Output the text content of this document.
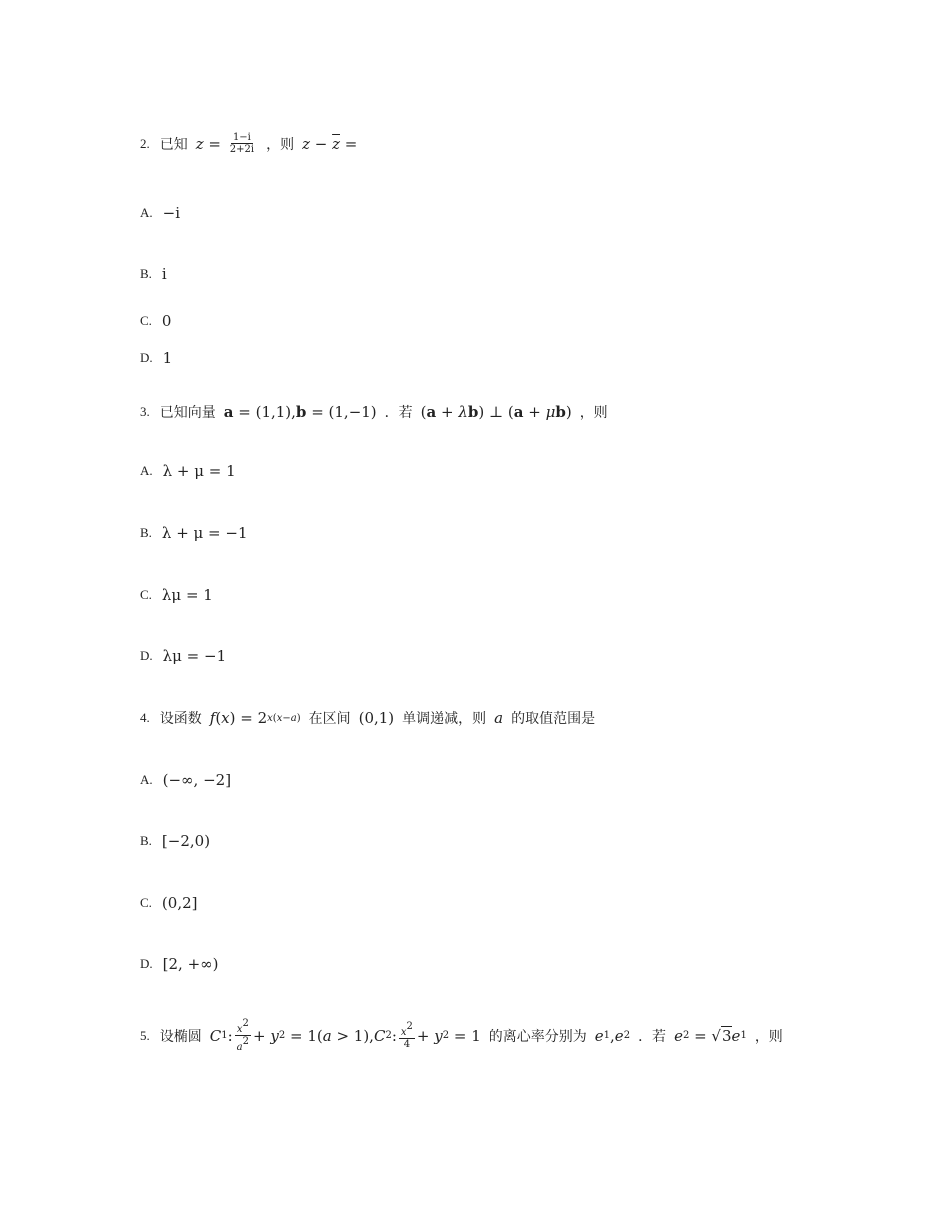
2. 已知 $z = \frac{1-i}{2+2i}$ ，则 $z - \overline{z}$ =
A. −i
B. i
C. 0
D. 1
3. 已知向量 a = (1,1), b = (1,−1) ．若 ( a + λ b ) ⊥ ( a + μ b ) ，则
A. λ + μ = 1
B. λ + μ = −1
C. λμ = 1
D. λμ = −1
4. 设函数 f ( x ) = 2 x(x−a) 在区间 (0,1) 单调递减，则 a 的取值范围是
A. (−∞, −2]
B. [−2,0)
C. (0,2]
D. [2, +∞)
5. 设椭圆 C 1 : $\frac{x^2}{a^2} + y$ 2 = 1( a > 1), C 2 : $\frac{x^2}{4} + y$ 2 = 1 的离心率分别为 e 1 , e 2 ．若 e 2 = √ 3 e 1 ，则
